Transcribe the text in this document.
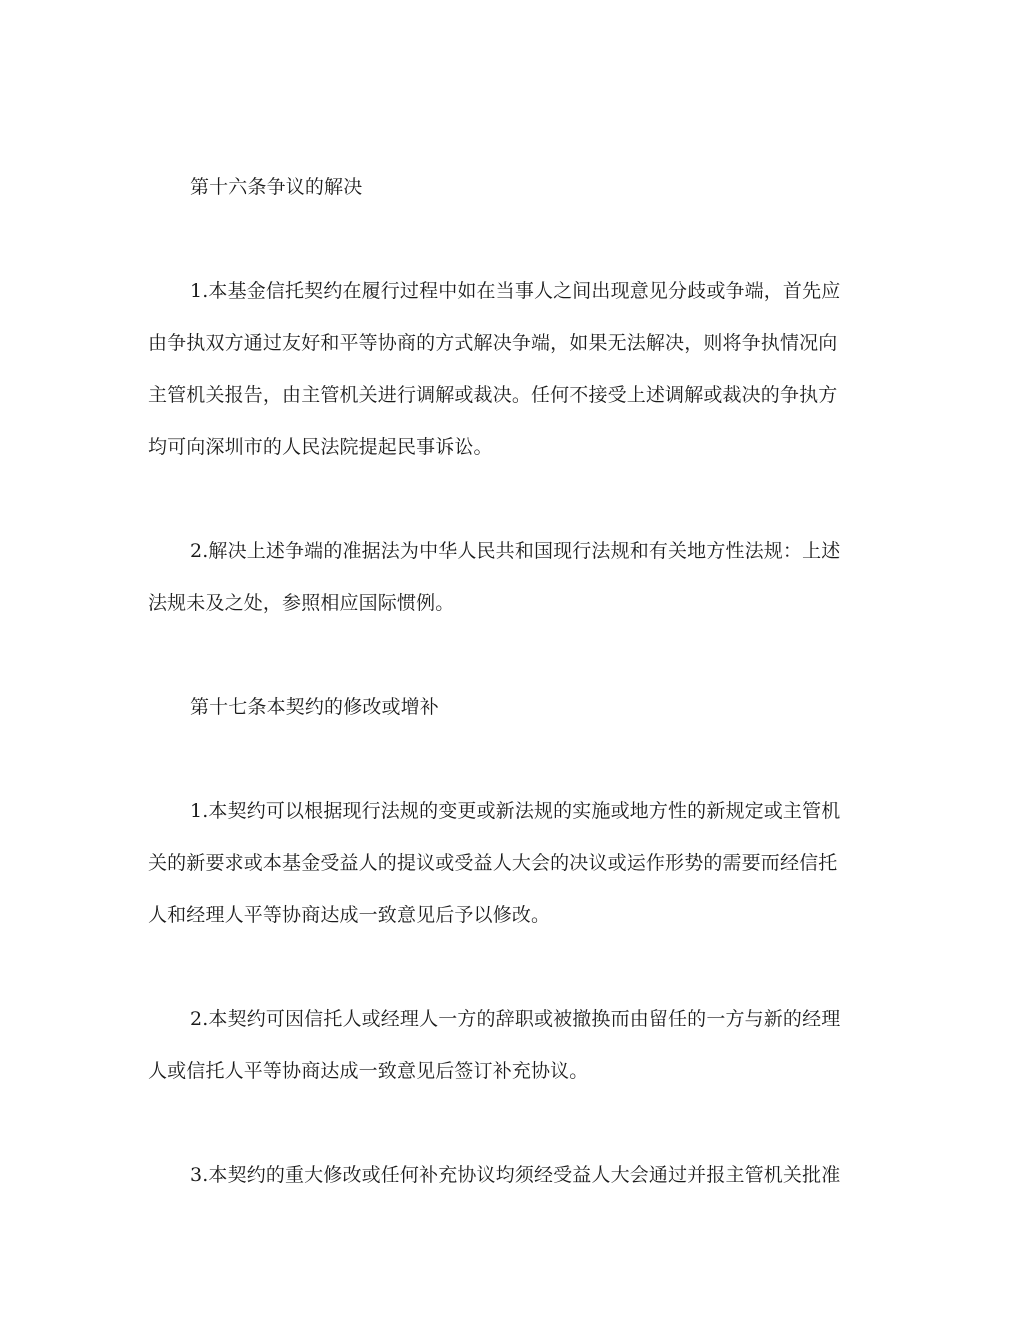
第十六条争议的解决
1.本基金信托契约在履行过程中如在当事人之间出现意见分歧或争端，首先应
由争执双方通过友好和平等协商的方式解决争端，如果无法解决，则将争执情况向
主管机关报告，由主管机关进行调解或裁决。任何不接受上述调解或裁决的争执方
均可向深圳市的人民法院提起民事诉讼。
2.解决上述争端的准据法为中华人民共和国现行法规和有关地方性法规：上述
法规未及之处，参照相应国际惯例。
第十七条本契约的修改或增补
1.本契约可以根据现行法规的变更或新法规的实施或地方性的新规定或主管机
关的新要求或本基金受益人的提议或受益人大会的决议或运作形势的需要而经信托
人和经理人平等协商达成一致意见后予以修改。
2.本契约可因信托人或经理人一方的辞职或被撤换而由留任的一方与新的经理
人或信托人平等协商达成一致意见后签订补充协议。
3.本契约的重大修改或任何补充协议均须经受益人大会通过并报主管机关批准
